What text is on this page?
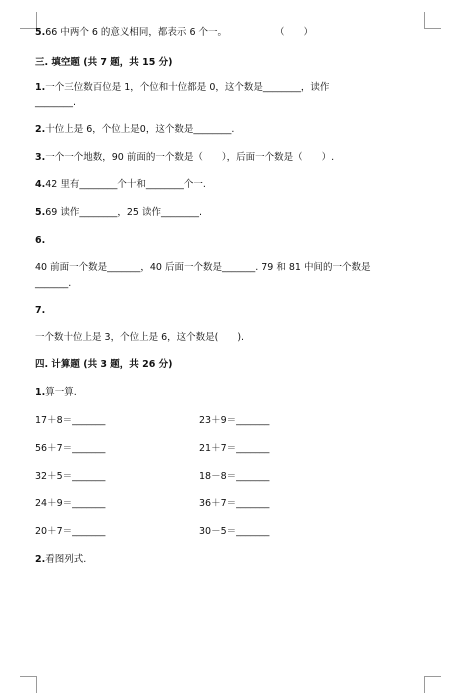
5.66 中两个 6 的意义相同，都表示 6 个一。	（　　）
三. 填空题 (共 7 题，共 15 分)
1.一个三位数百位是 1，个位和十位都是 0，这个数是________，读作
________.
2.十位上是 6，个位上是0，这个数是________.
3.一个一个地数，90 前面的一个数是（　　），后面一个数是（　　）.
4.42 里有________个十和________个一.
5.69 读作________，25 读作________.
6.
40 前面一个数是_______，40 后面一个数是_______. 79 和 81 中间的一个数是
_______.
7.
一个数十位上是 3，个位上是 6，这个数是(　　).
四. 计算题 (共 3 题，共 26 分)
1.算一算.
17＋8＝_______	23＋9＝_______
56＋7＝_______	21＋7＝_______
32＋5＝_______	18－8＝_______
24＋9＝_______	36＋7＝_______
20＋7＝_______	30－5＝_______
2.看图列式.
